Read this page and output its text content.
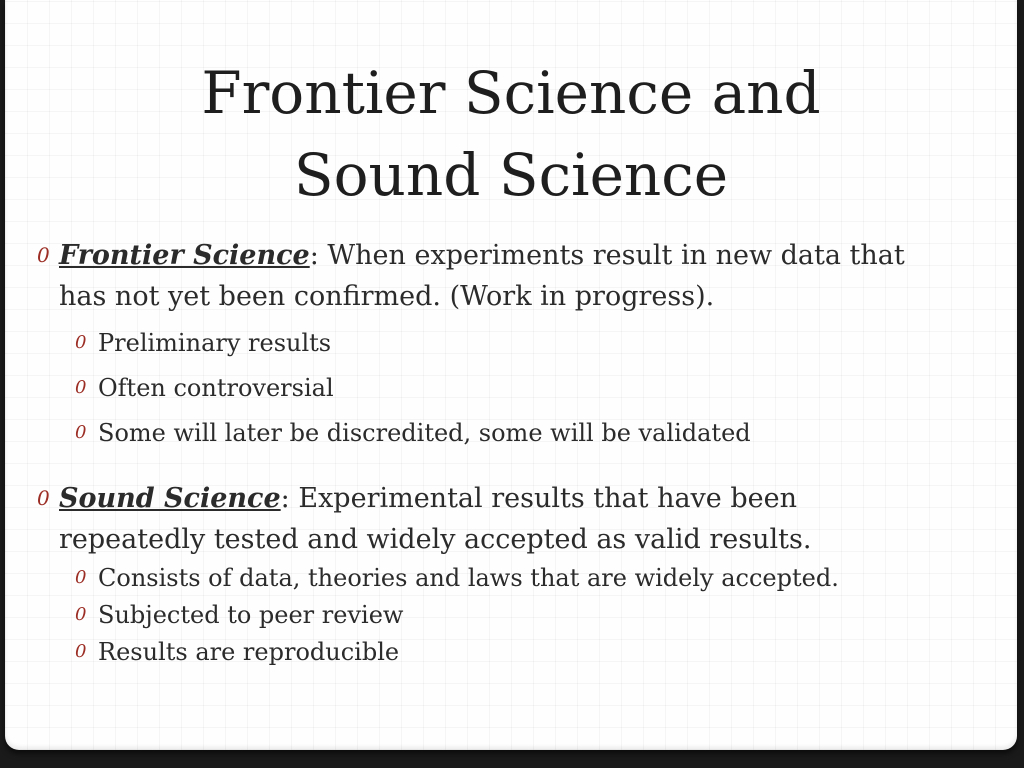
Frontier Science and
Sound Science
0 Frontier Science: When experiments result in new data that
has not yet been confirmed. (Work in progress).
0 Preliminary results
0 Often controversial
0 Some will later be discredited, some will be validated
0 Sound Science: Experimental results that have been
repeatedly tested and widely accepted as valid results.
0 Consists of data, theories and laws that are widely accepted.
0 Subjected to peer review
0 Results are reproducible
